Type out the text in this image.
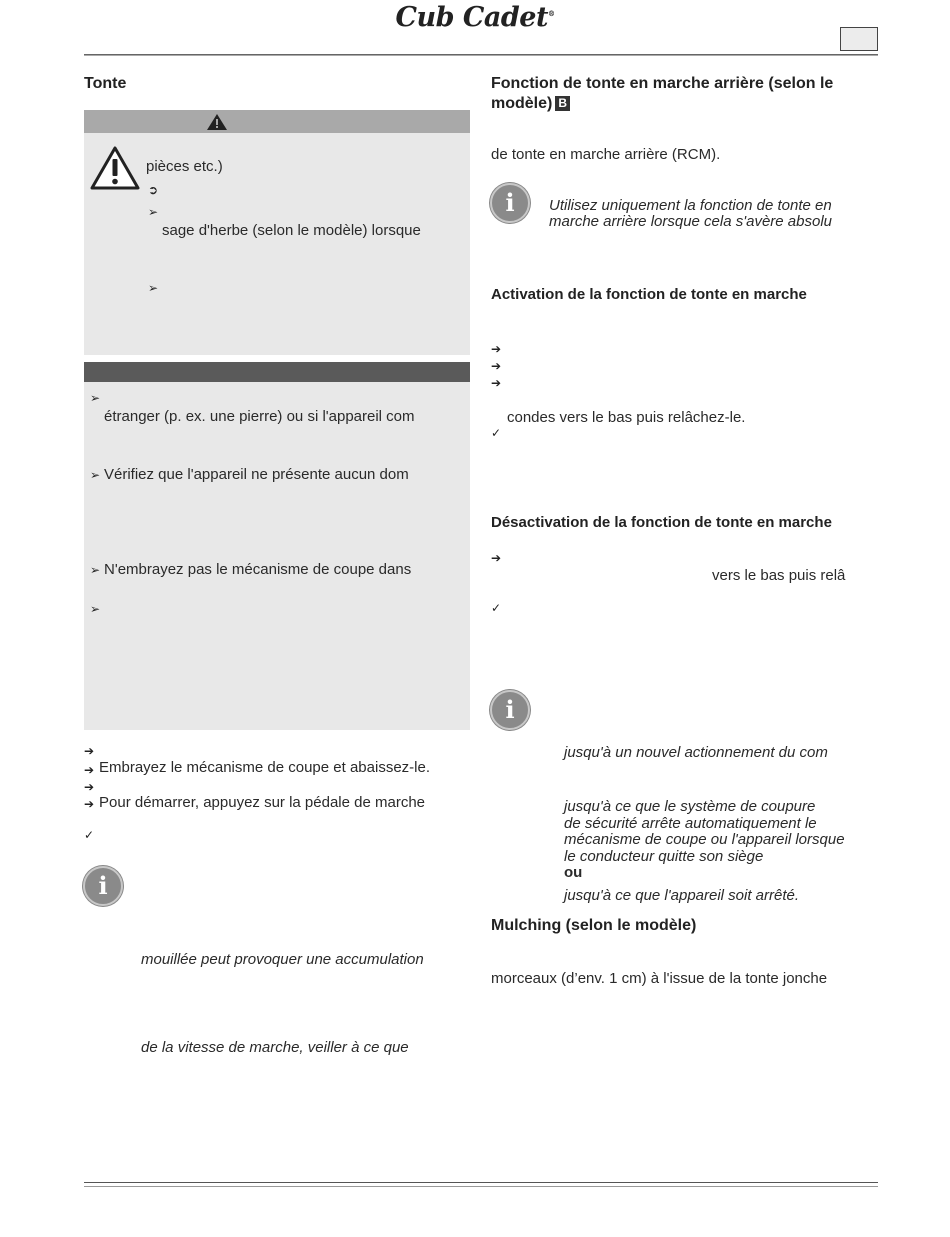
Cub Cadet®
Tonte
pièces etc.)
➲
➢
sage d'herbe (selon le modèle) lorsque
➢
➢
étranger (p. ex. une pierre) ou si l'appareil com
➢ Vérifiez que l'appareil ne présente aucun dom
➢ N'embrayez pas le mécanisme de coupe dans
➢
➔
➔ Embrayez le mécanisme de coupe et abaissez-le.
➔
➔ Pour démarrer, appuyez sur la pédale de marche
✓
i
mouillée peut provoquer une accumulation
de la vitesse de marche, veiller à ce que
Fonction de tonte en marche arrière (selon le
modèle) B
de tonte en marche arrière (RCM).
i	Utilisez uniquement la fonction de tonte en
marche arrière lorsque cela s'avère absolu
Activation de la fonction de tonte en marche
➔
➔
➔
condes vers le bas puis relâchez-le.
✓
Désactivation de la fonction de tonte en marche
➔
vers le bas puis relâ
✓
i
jusqu'à un nouvel actionnement du com
jusqu'à ce que le système de coupure
de sécurité arrête automatiquement le
mécanisme de coupe ou l'appareil lorsque
le conducteur quitte son siège
ou
jusqu'à ce que l'appareil soit arrêté.
Mulching (selon le modèle)
morceaux (d’env. 1 cm) à l'issue de la tonte jonche
